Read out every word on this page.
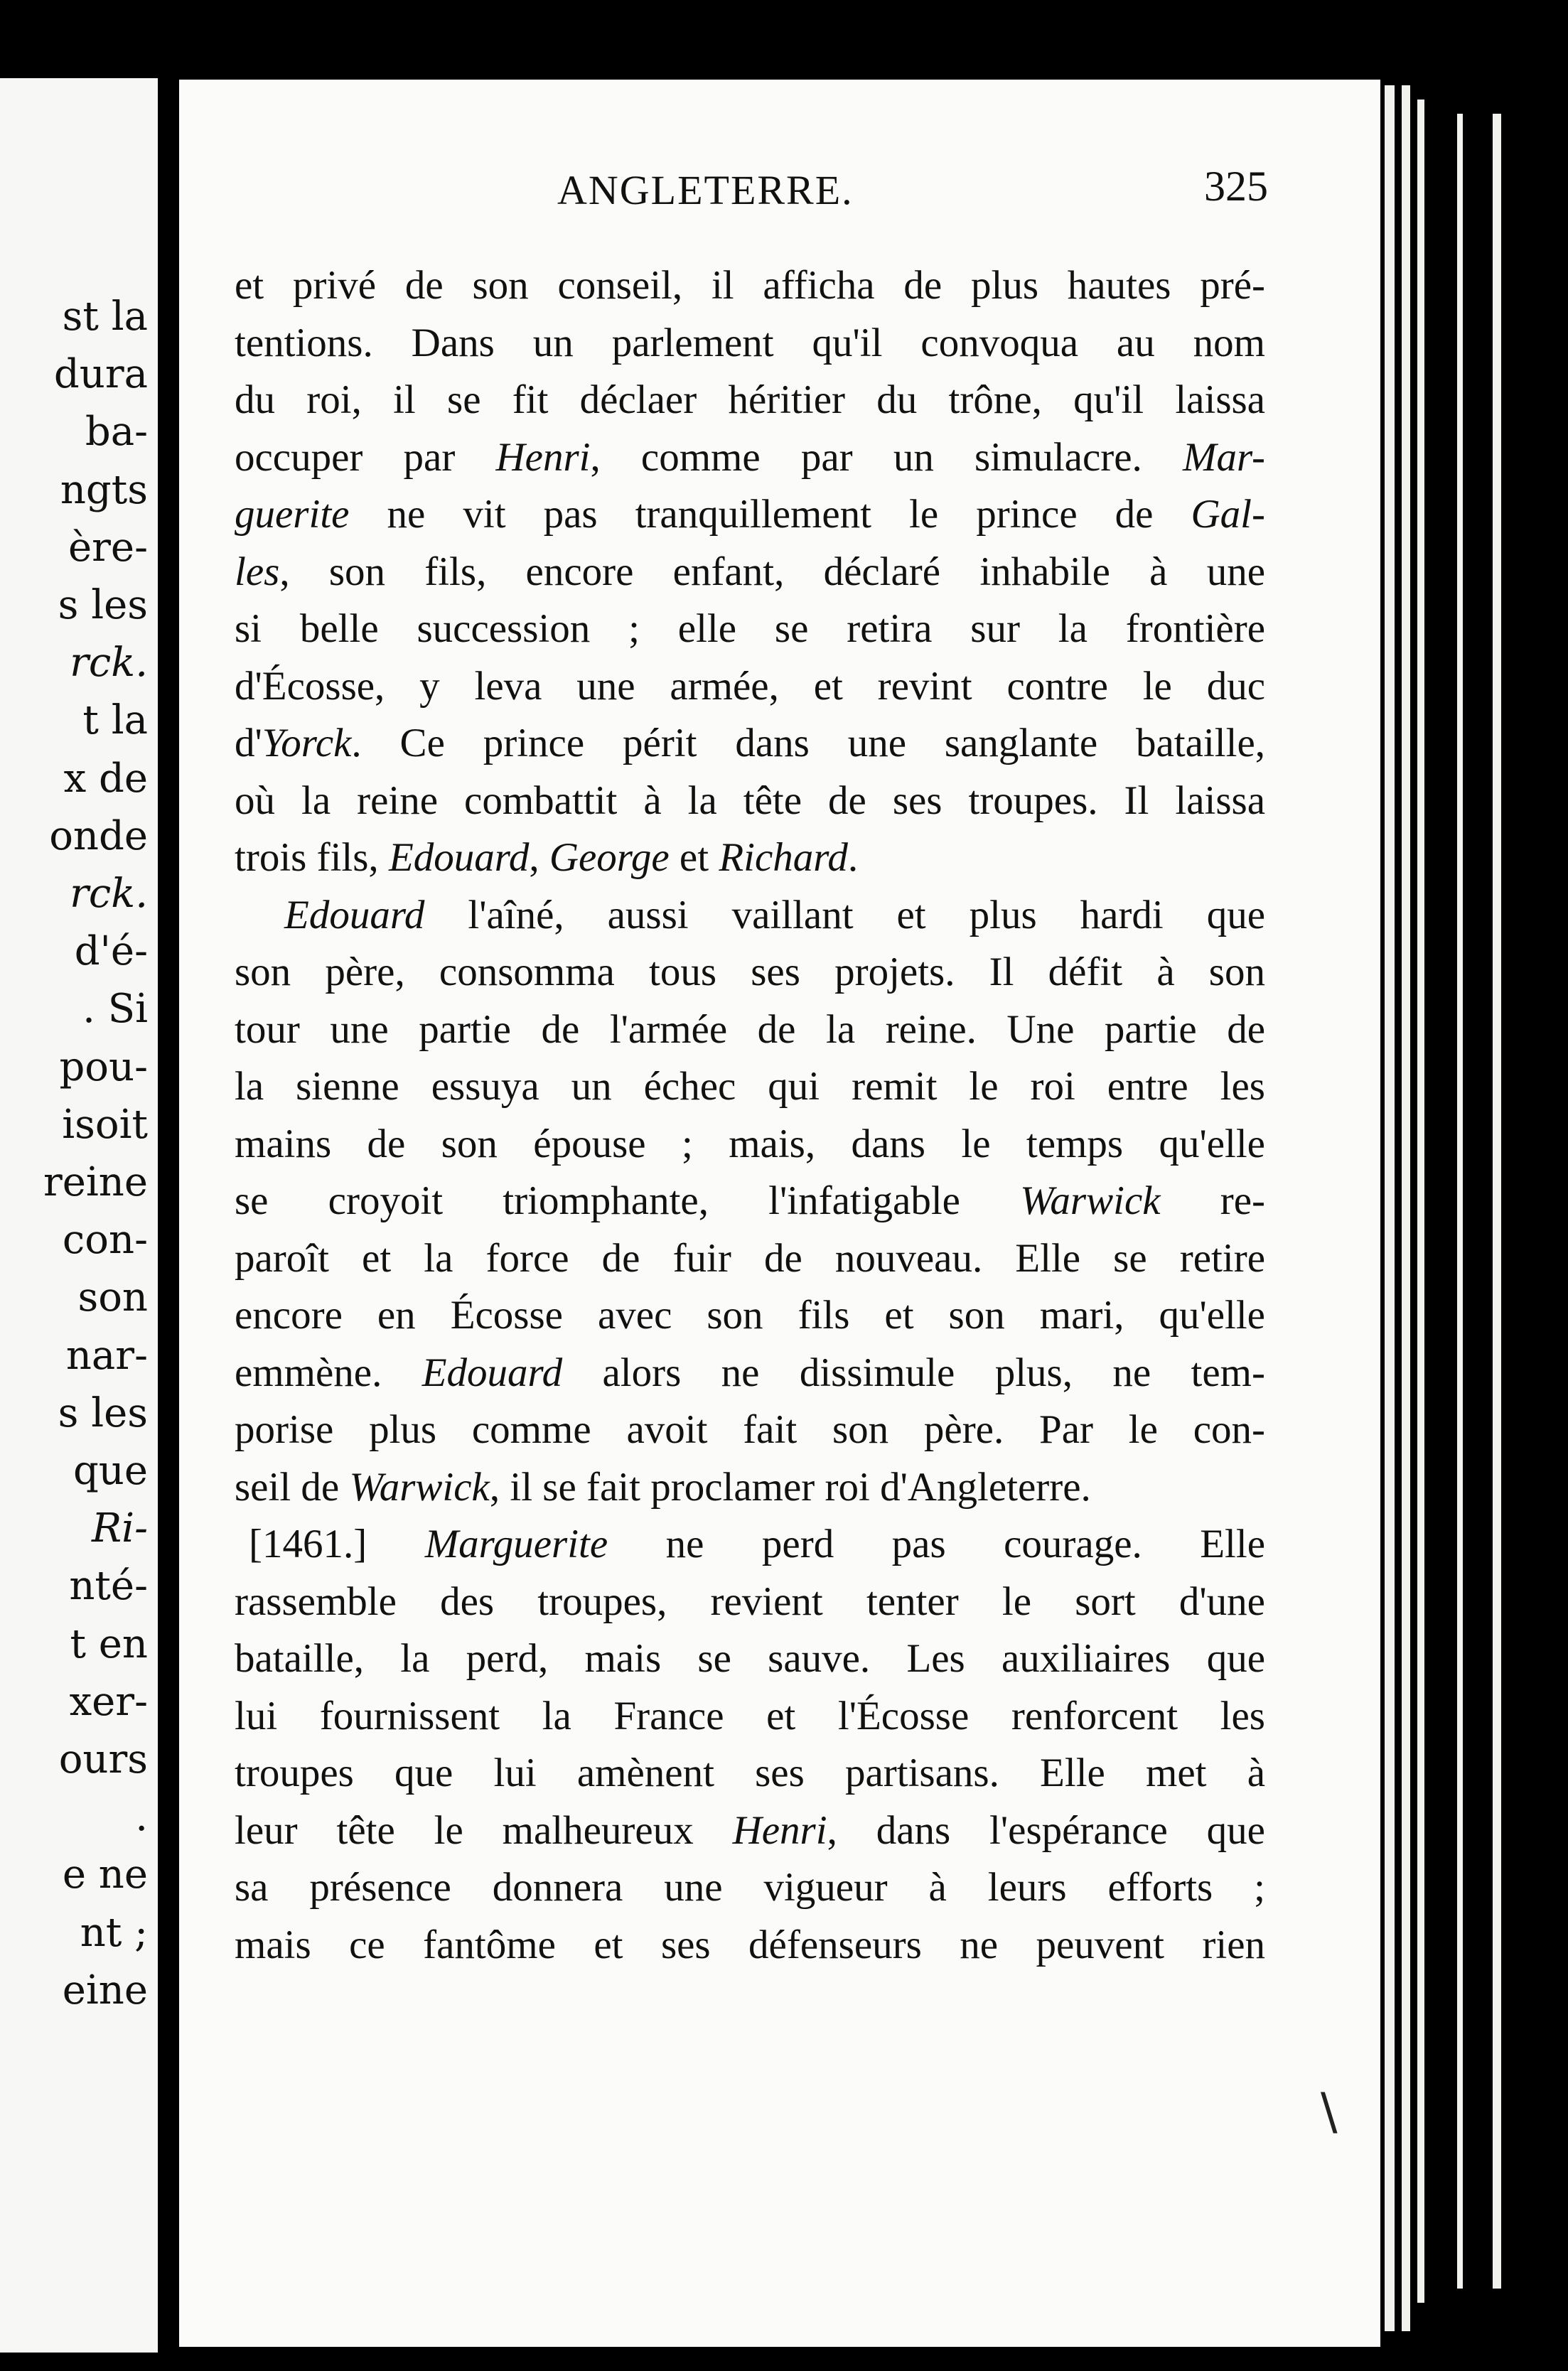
st la
dura
ba-
ngts
ère-
s les
rck.
t la
x de
onde
rck.
d'é-
. Si
pou-
isoit
reine
con-
son
nar-
s les
que
Ri-
nté-
t en
xer-
ours
.
e ne
nt ;
eine
ANGLETERRE.	325
et privé de son conseil, il afficha de plus hautes pré-
tentions. Dans un parlement qu'il convoqua au nom
du roi, il se fit déclaer héritier du trône, qu'il laissa
occuper par Henri, comme par un simulacre. Mar-
guerite ne vit pas tranquillement le prince de Gal-
les, son fils, encore enfant, déclaré inhabile à une
si belle succession ; elle se retira sur la frontière
d'Écosse, y leva une armée, et revint contre le duc
d'Yorck. Ce prince périt dans une sanglante bataille,
où la reine combattit à la tête de ses troupes. Il laissa
trois fils, Edouard, George et Richard.
Edouard l'aîné, aussi vaillant et plus hardi que
son père, consomma tous ses projets. Il défit à son
tour une partie de l'armée de la reine. Une partie de
la sienne essuya un échec qui remit le roi entre les
mains de son épouse ; mais, dans le temps qu'elle
se croyoit triomphante, l'infatigable Warwick re-
paroît et la force de fuir de nouveau. Elle se retire
encore en Écosse avec son fils et son mari, qu'elle
emmène. Edouard alors ne dissimule plus, ne tem-
porise plus comme avoit fait son père. Par le con-
seil de Warwick, il se fait proclamer roi d'Angleterre.
[1461.] Marguerite ne perd pas courage. Elle
rassemble des troupes, revient tenter le sort d'une
bataille, la perd, mais se sauve. Les auxiliaires que
lui fournissent la France et l'Écosse renforcent les
troupes que lui amènent ses partisans. Elle met à
leur tête le malheureux Henri, dans l'espérance que
sa présence donnera une vigueur à leurs efforts ;
mais ce fantôme et ses défenseurs ne peuvent rien
\
